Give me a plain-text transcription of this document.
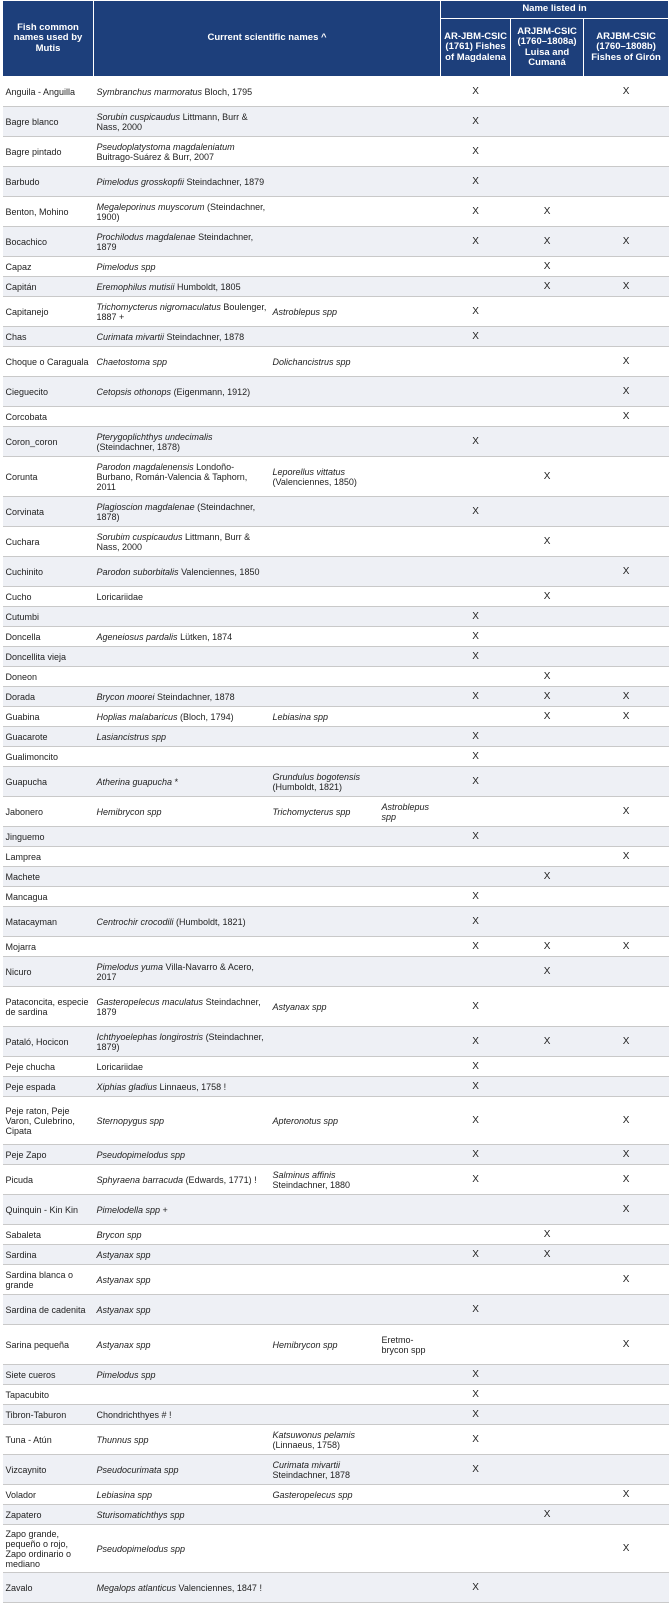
Fish common names used by Mutis	Current scientific names ^			Name listed in		
				AR-JBM-CSIC (1761) Fishes of Magdalena	ARJBM-CSIC (1760–1808a) Luisa and Cumaná	ARJBM-CSIC (1760–1808b) Fishes of Girón
Anguila - Anguilla	Symbranchus marmoratus Bloch, 1795			X		X
Bagre blanco	Sorubin cuspicaudus Littmann, Burr & Nass, 2000			X		
Bagre pintado	Pseudoplatystoma magdaleniatum Buitrago-Suárez & Burr, 2007			X		
Barbudo	Pimelodus grosskopfii Steindachner, 1879			X		
Benton, Mohino	Megaleporinus muyscorum (Steindachner, 1900)			X	X	
Bocachico	Prochilodus magdalenae Steindachner, 1879			X	X	X
Capaz	Pimelodus spp				X	
Capitán	Eremophilus mutisii Humboldt, 1805				X	X
Capitanejo	Trichomycterus nigromaculatus Boulenger, 1887 +	Astroblepus spp		X		
Chas	Curimata mivartii Steindachner, 1878			X		
Choque o Caraguala	Chaetostoma spp	Dolichancistrus spp				X
Cieguecito	Cetopsis othonops (Eigenmann, 1912)					X
Corcobata						X
Coron_coron	Pterygoplichthys undecimalis (Steindachner, 1878)			X		
Corunta	Parodon magdalenensis Londoño-Burbano, Román-Valencia & Taphorn, 2011	Leporellus vittatus (Valenciennes, 1850)			X	
Corvinata	Plagioscion magdalenae (Steindachner, 1878)			X		
Cuchara	Sorubim cuspicaudus Littmann, Burr & Nass, 2000				X	
Cuchinito	Parodon suborbitalis Valenciennes, 1850					X
Cucho	Loricariidae				X	
Cutumbi				X		
Doncella	Ageneiosus pardalis Lütken, 1874			X		
Doncellita vieja				X		
Doneon					X	
Dorada	Brycon moorei Steindachner, 1878			X	X	X
Guabina	Hoplias malabaricus (Bloch, 1794)	Lebiasina spp			X	X
Guacarote	Lasiancistrus spp			X		
Gualimoncito				X		
Guapucha	Atherina guapucha *	Grundulus bogotensis (Humboldt, 1821)		X		
Jabonero	Hemibrycon spp	Trichomycterus spp	Astroblepus spp			X
Jinguemo				X		
Lamprea						X
Machete					X	
Mancagua				X		
Matacayman	Centrochir crocodili (Humboldt, 1821)			X		
Mojarra				X	X	X
Nicuro	Pimelodus yuma Villa-Navarro & Acero, 2017				X	
Pataconcita, especie de sardina	Gasteropelecus maculatus Steindachner, 1879	Astyanax spp		X		
Pataló, Hocicon	Ichthyoelephas longirostris (Steindachner, 1879)			X	X	X
Peje chucha	Loricariidae			X		
Peje espada	Xiphias gladius Linnaeus, 1758 !			X		
Peje raton, Peje Varon, Culebrino, Cipata	Sternopygus spp	Apteronotus spp		X		X
Peje Zapo	Pseudopimelodus spp			X		X
Picuda	Sphyraena barracuda (Edwards, 1771) !	Salminus affinis Steindachner, 1880		X		X
Quinquin - Kin Kin	Pimelodella spp +					X
Sabaleta	Brycon spp				X	
Sardina	Astyanax spp			X	X	
Sardina blanca o grande	Astyanax spp					X
Sardina de cadenita	Astyanax spp			X		
Sarina pequeña	Astyanax spp	Hemibrycon spp	Eretmo-brycon spp			X
Siete cueros	Pimelodus spp			X		
Tapacubito				X		
Tibron-Taburon	Chondrichthyes # !			X		
Tuna - Atún	Thunnus spp	Katsuwonus pelamis (Linnaeus, 1758)		X		
Vizcaynito	Pseudocurimata spp	Curimata mivartii Steindachner, 1878		X		
Volador	Lebiasina spp	Gasteropelecus spp				X
Zapatero	Sturisomatichthys spp				X	
Zapo grande, pequeño o rojo, Zapo ordinario o mediano	Pseudopimelodus spp					X
Zavalo	Megalops atlanticus Valenciennes, 1847 !			X		
